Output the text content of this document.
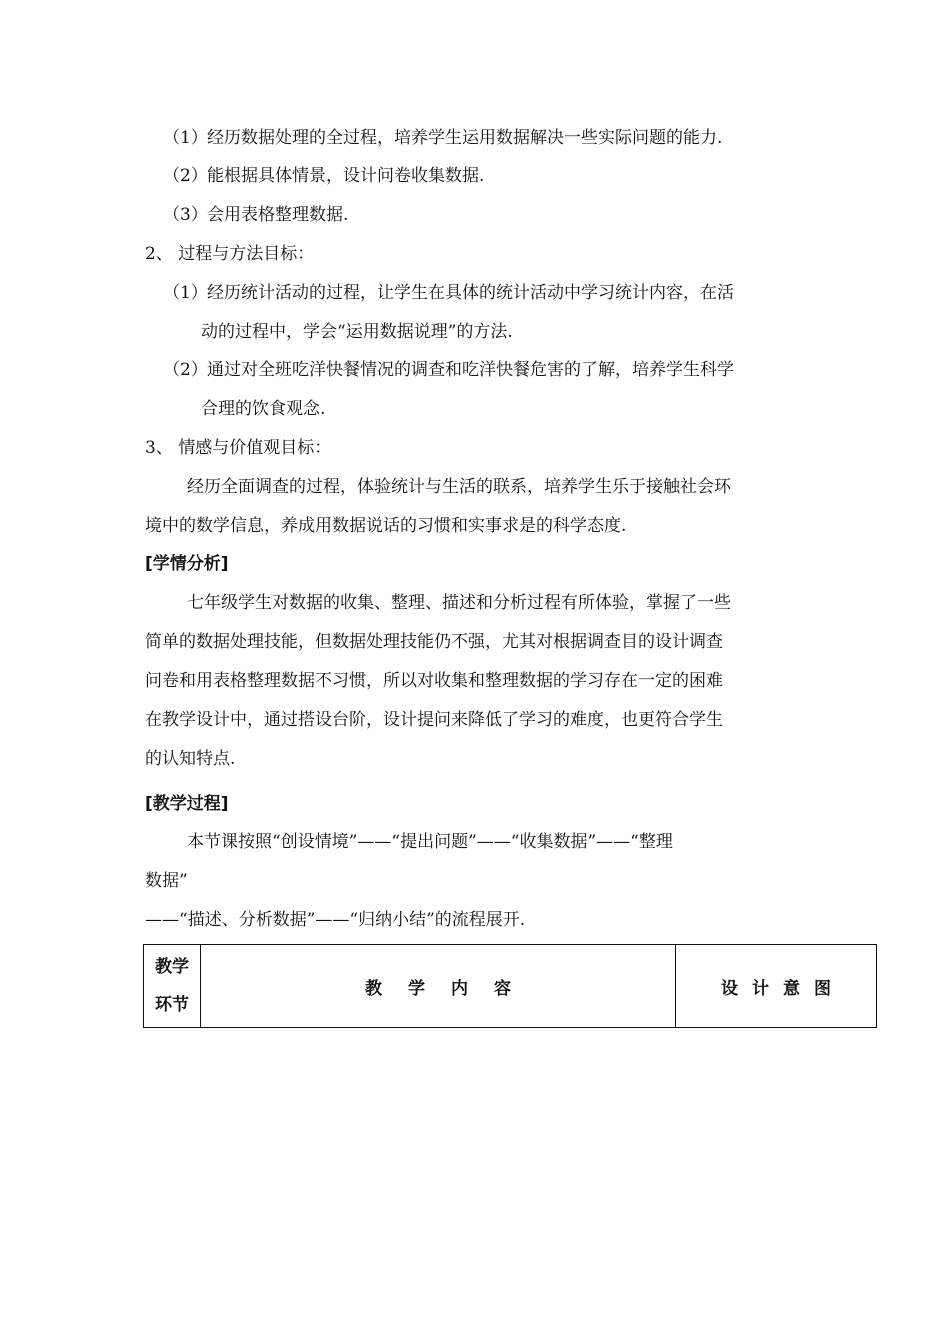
（1）经历数据处理的全过程，培养学生运用数据解决一些实际问题的能力.
（2）能根据具体情景，设计问卷收集数据.
（3）会用表格整理数据.
2、 过程与方法目标：
（1）经历统计活动的过程，让学生在具体的统计活动中学习统计内容，在活
动的过程中，学会“运用数据说理”的方法.
（2）通过对全班吃洋快餐情况的调查和吃洋快餐危害的了解，培养学生科学
合理的饮食观念.
3、 情感与价值观目标：
经历全面调查的过程，体验统计与生活的联系，培养学生乐于接触社会环
境中的数学信息，养成用数据说话的习惯和实事求是的科学态度.
[学情分析]
七年级学生对数据的收集、整理、描述和分析过程有所体验，掌握了一些
简单的数据处理技能，但数据处理技能仍不强，尤其对根据调查目的设计调查
问卷和用表格整理数据不习惯，所以对收集和整理数据的学习存在一定的困难
在教学设计中，通过搭设台阶，设计提问来降低了学习的难度，也更符合学生
的认知特点.
[教学过程]
本节课按照“创设情境”——“提出问题”——“收集数据”——“整理
数据”
——“描述、分析数据”——“归纳小结”的流程展开.
教学
环节
	教学内容	设计意图
